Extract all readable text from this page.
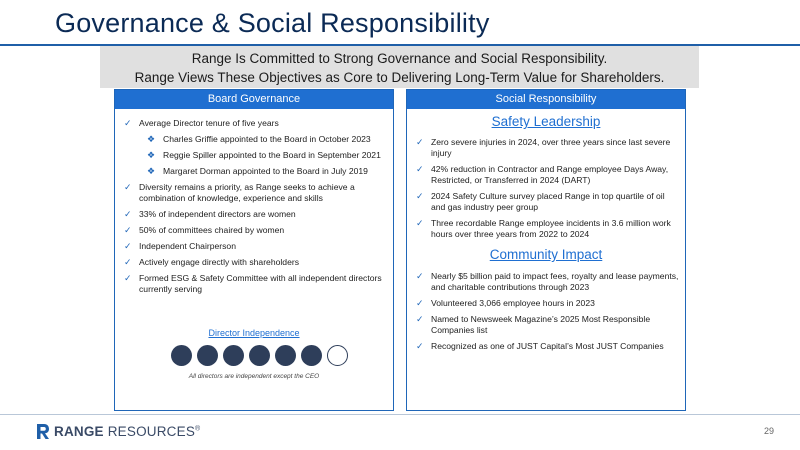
Governance & Social Responsibility
Range Is Committed to Strong Governance and Social Responsibility.
Range Views These Objectives as Core to Delivering Long-Term Value for Shareholders.
Board Governance
✓ Average Director tenure of five years
❖ Charles Griffie appointed to the Board in October 2023
❖ Reggie Spiller appointed to the Board in September 2021
❖ Margaret Dorman appointed to the Board in July 2019
✓ Diversity remains a priority, as Range seeks to achieve a combination of knowledge, experience and skills
✓ 33% of independent directors are women
✓ 50% of committees chaired by women
✓ Independent Chairperson
✓ Actively engage directly with shareholders
✓ Formed ESG & Safety Committee with all independent directors currently serving
Director Independence
All directors are independent except the CEO
Social Responsibility
Safety Leadership
✓ Zero severe injuries in 2024, over three years since last severe injury
✓ 42% reduction in Contractor and Range employee Days Away, Restricted, or Transferred in 2024 (DART)
✓ 2024 Safety Culture survey placed Range in top quartile of oil and gas industry peer group
✓ Three recordable Range employee incidents in 3.6 million work hours over three years from 2022 to 2024
Community Impact
✓ Nearly $5 billion paid to impact fees, royalty and lease payments, and charitable contributions through 2023
✓ Volunteered 3,066 employee hours in 2023
✓ Named to Newsweek Magazine’s 2025 Most Responsible Companies list
✓ Recognized as one of JUST Capital’s Most JUST Companies
RANGE RESOURCES®	29
